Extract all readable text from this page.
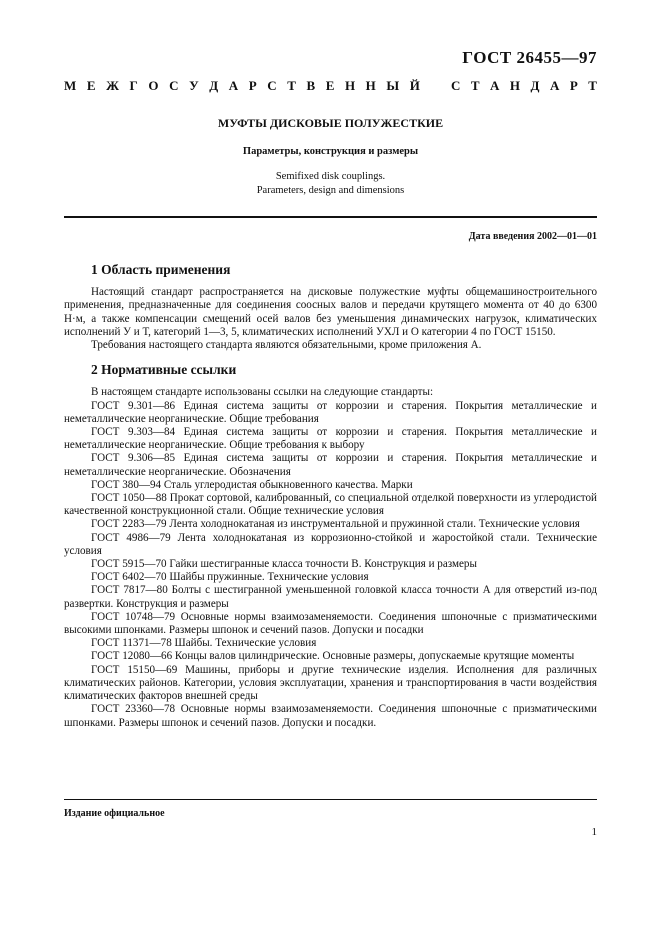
ГОСТ 26455—97
М Е Ж Г О С У Д А Р С Т В Е Н Н Ы Й С Т А Н Д А Р Т
МУФТЫ ДИСКОВЫЕ ПОЛУЖЕСТКИЕ
Параметры, конструкция и размеры
Semifixed disk couplings.
Parameters, design and dimensions
Дата введения 2002—01—01
1 Область применения

Настоящий стандарт распространяется на дисковые полужесткие муфты общемашиностроительного применения, предназначенные для соединения соосных валов и передачи крутящего момента от 40 до 6300 Н·м, а также компенсации смещений осей валов без уменьшения динамических нагрузок, климатических исполнений У и Т, категорий 1—3, 5, климатических исполнений УХЛ и О категории 4 по ГОСТ 15150.

Требования настоящего стандарта являются обязательными, кроме приложения А.

2 Нормативные ссылки

В настоящем стандарте использованы ссылки на следующие стандарты:

ГОСТ 9.301—86 Единая система защиты от коррозии и старения. Покрытия металлические и неметаллические неорганические. Общие требования

ГОСТ 9.303—84 Единая система защиты от коррозии и старения. Покрытия металлические и неметаллические неорганические. Общие требования к выбору

ГОСТ 9.306—85 Единая система защиты от коррозии и старения. Покрытия металлические и неметаллические неорганические. Обозначения

ГОСТ 380—94 Сталь углеродистая обыкновенного качества. Марки

ГОСТ 1050—88 Прокат сортовой, калиброванный, со специальной отделкой поверхности из углеродистой качественной конструкционной стали. Общие технические условия

ГОСТ 2283—79 Лента холоднокатаная из инструментальной и пружинной стали. Технические условия

ГОСТ 4986—79 Лента холоднокатаная из коррозионно-стойкой и жаростойкой стали. Технические условия

ГОСТ 5915—70 Гайки шестигранные класса точности В. Конструкция и размеры

ГОСТ 6402—70 Шайбы пружинные. Технические условия

ГОСТ 7817—80 Болты с шестигранной уменьшенной головкой класса точности А для отверстий из-под развертки. Конструкция и размеры

ГОСТ 10748—79 Основные нормы взаимозаменяемости. Соединения шпоночные с призматическими высокими шпонками. Размеры шпонок и сечений пазов. Допуски и посадки

ГОСТ 11371—78 Шайбы. Технические условия

ГОСТ 12080—66 Концы валов цилиндрические. Основные размеры, допускаемые крутящие моменты

ГОСТ 15150—69 Машины, приборы и другие технические изделия. Исполнения для различных климатических районов. Категории, условия эксплуатации, хранения и транспортирования в части воздействия климатических факторов внешней среды

ГОСТ 23360—78 Основные нормы взаимозаменяемости. Соединения шпоночные с призматическими шпонками. Размеры шпонок и сечений пазов. Допуски и посадки.

Издание официальное
1
